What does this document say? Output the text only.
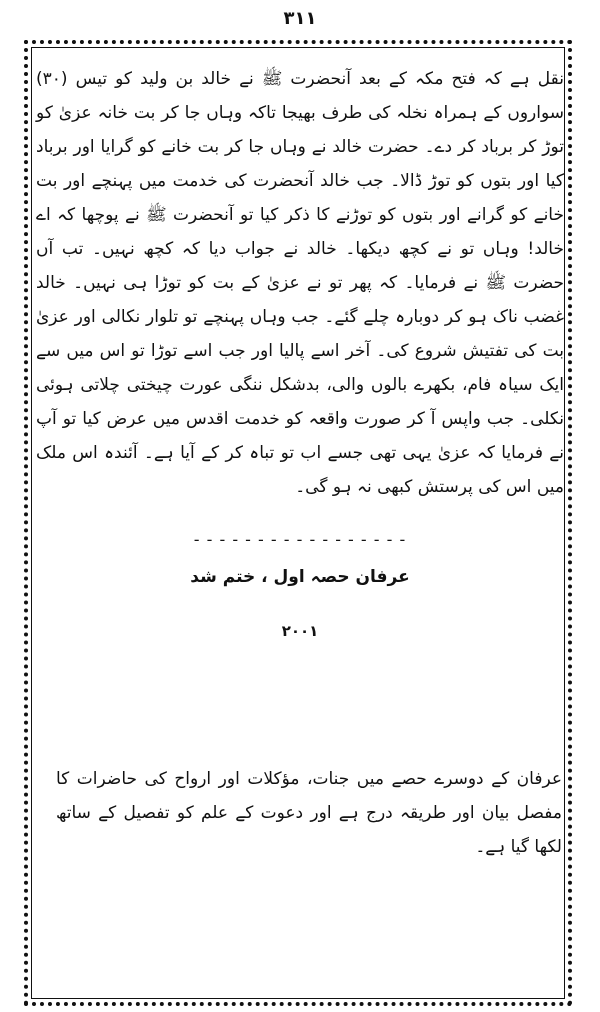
۳۱۱

نقل ہے کہ فتح مکہ کے بعد آنحضرت ﷺ نے خالد بن ولید کو تیس (۳۰) سواروں کے ہمراہ نخلہ کی طرف بھیجا تاکہ وہاں جا کر بت خانہ عزیٰ کو توڑ کر برباد کر دے۔ حضرت خالد نے وہاں جا کر بت خانے کو گرایا اور برباد کیا اور بتوں کو توڑ ڈالا۔ جب خالد آنحضرت کی خدمت میں پہنچے اور بت خانے کو گرانے اور بتوں کو توڑنے کا ذکر کیا تو آنحضرت ﷺ نے پوچھا کہ اے خالد! وہاں تو نے کچھ دیکھا۔ خالد نے جواب دیا کہ کچھ نہیں۔ تب آں حضرت ﷺ نے فرمایا۔ کہ پھر تو نے عزیٰ کے بت کو توڑا ہی نہیں۔ خالد غضب ناک ہو کر دوبارہ چلے گئے۔ جب وہاں پہنچے تو تلوار نکالی اور عزیٰ بت کی تفتیش شروع کی۔ آخر اسے پالیا اور جب اسے توڑا تو اس میں سے ایک سیاہ فام، بکھرے بالوں والی، بدشکل ننگی عورت چیختی چلاتی ہوئی نکلی۔ جب واپس آ کر صورت واقعہ کو خدمت اقدس میں عرض کیا تو آپ نے فرمایا کہ عزیٰ یہی تھی جسے اب تو تباہ کر کے آیا ہے۔ آئندہ اس ملک میں اس کی پرستش کبھی نہ ہو گی۔

- - - - - - - - - - - - - - - - -
عرفان حصہ اول ، ختم شد
۲۰۰۱

عرفان کے دوسرے حصے میں جنات، مؤکلات اور ارواح کی حاضرات کا مفصل بیان اور طریقہ درج ہے اور دعوت کے علم کو تفصیل کے ساتھ لکھا گیا ہے۔
